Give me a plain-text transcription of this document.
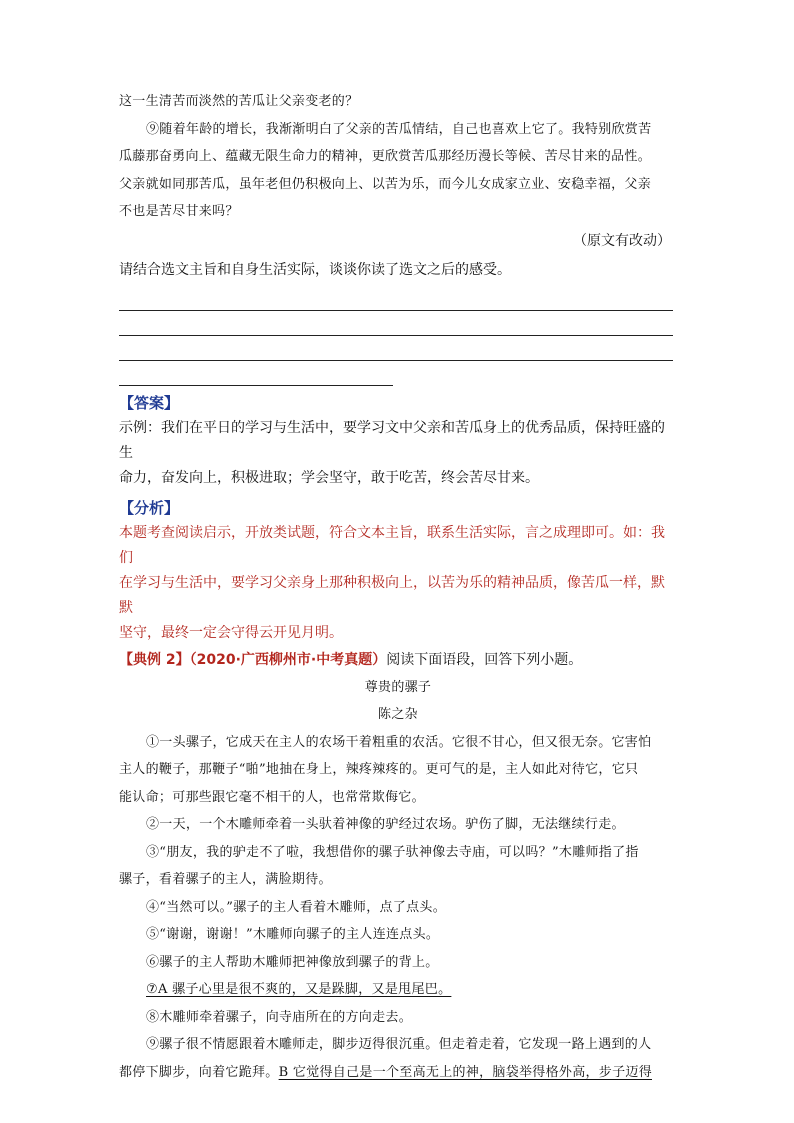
这一生清苦而淡然的苦瓜让父亲变老的？
⑨随着年龄的增长，我渐渐明白了父亲的苦瓜情结，自己也喜欢上它了。我特别欣赏苦
瓜藤那奋勇向上、蕴藏无限生命力的精神，更欣赏苦瓜那经历漫长等候、苦尽甘来的品性。
父亲就如同那苦瓜，虽年老但仍积极向上、以苦为乐，而今儿女成家立业、安稳幸福，父亲
不也是苦尽甘来吗？
（原文有改动）
请结合选文主旨和自身生活实际，谈谈你读了选文之后的感受。
【答案】
示例：我们在平日的学习与生活中，要学习文中父亲和苦瓜身上的优秀品质，保持旺盛的生
命力，奋发向上，积极进取；学会坚守，敢于吃苦，终会苦尽甘来。
【分析】
本题考查阅读启示，开放类试题，符合文本主旨，联系生活实际，言之成理即可。如：我们
在学习与生活中，要学习父亲身上那种积极向上，以苦为乐的精神品质，像苦瓜一样，默默
坚守，最终一定会守得云开见月明。
【典例 2】（2020·广西柳州市·中考真题）阅读下面语段，回答下列小题。
尊贵的骡子
陈之杂
①一头骡子，它成天在主人的农场干着粗重的农活。它很不甘心，但又很无奈。它害怕
主人的鞭子，那鞭子“啪”地抽在身上，辣疼辣疼的。更可气的是，主人如此对待它，它只
能认命；可那些跟它毫不相干的人，也常常欺侮它。
②一天，一个木雕师牵着一头驮着神像的驴经过农场。驴伤了脚，无法继续行走。
③“朋友，我的驴走不了啦，我想借你的骡子驮神像去寺庙，可以吗？”木雕师指了指
骡子，看着骡子的主人，满脸期待。
④“当然可以。”骡子的主人看着木雕师，点了点头。
⑤“谢谢，谢谢！”木雕师向骡子的主人连连点头。
⑥骡子的主人帮助木雕师把神像放到骡子的背上。
⑦A 骡子心里是很不爽的，又是跺脚，又是甩尾巴。
⑧木雕师牵着骡子，向寺庙所在的方向走去。
⑨骡子很不情愿跟着木雕师走，脚步迈得很沉重。但走着走着，它发现一路上遇到的人
都停下脚步，向着它跪拜。B 它觉得自己是一个至高无上的神，脑袋举得格外高，步子迈得
